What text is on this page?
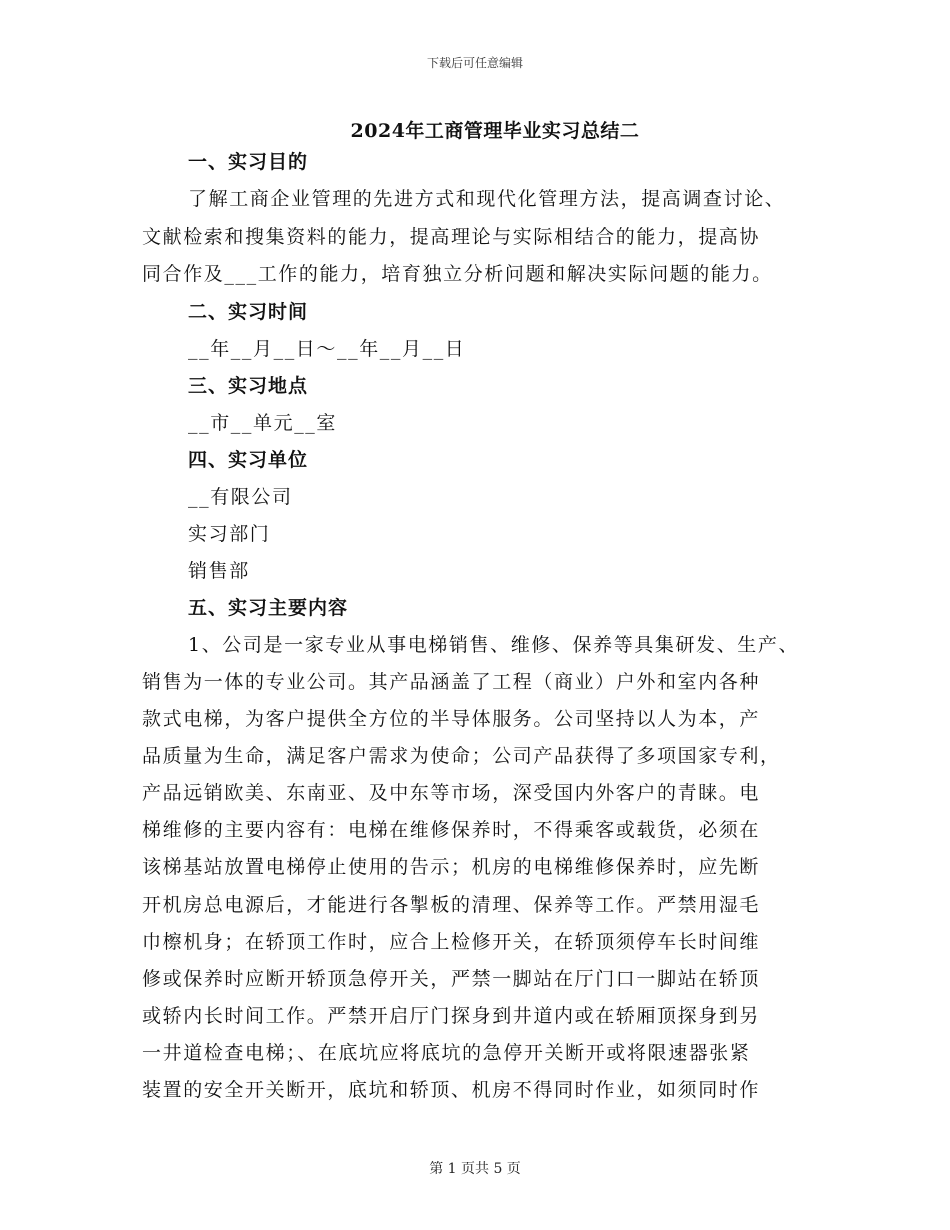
下载后可任意编辑
2024年工商管理毕业实习总结二
一、实习目的
了解工商企业管理的先进方式和现代化管理方法，提高调查讨论、
文献检索和搜集资料的能力，提高理论与实际相结合的能力，提高协
同合作及___工作的能力，培育独立分析问题和解决实际问题的能力。
二、实习时间
__年__月__日～__年__月__日
三、实习地点
__市__单元__室
四、实习单位
__有限公司
实习部门
销售部
五、实习主要内容
1、公司是一家专业从事电梯销售、维修、保养等具集研发、生产、
销售为一体的专业公司。其产品涵盖了工程（商业）户外和室内各种
款式电梯，为客户提供全方位的半导体服务。公司坚持以人为本，产
品质量为生命，满足客户需求为使命；公司产品获得了多项国家专利，
产品远销欧美、东南亚、及中东等市场，深受国内外客户的青睐。电
梯维修的主要内容有：电梯在维修保养时，不得乘客或载货，必须在
该梯基站放置电梯停止使用的告示；机房的电梯维修保养时，应先断
开机房总电源后，才能进行各掣板的清理、保养等工作。严禁用湿毛
巾檫机身；在轿顶工作时，应合上检修开关，在轿顶须停车长时间维
修或保养时应断开轿顶急停开关，严禁一脚站在厅门口一脚站在轿顶
或轿内长时间工作。严禁开启厅门探身到井道内或在轿厢顶探身到另
一井道检查电梯；、在底坑应将底坑的急停开关断开或将限速器张紧
装置的安全开关断开，底坑和轿顶、机房不得同时作业，如须同时作
第 1 页共 5 页
